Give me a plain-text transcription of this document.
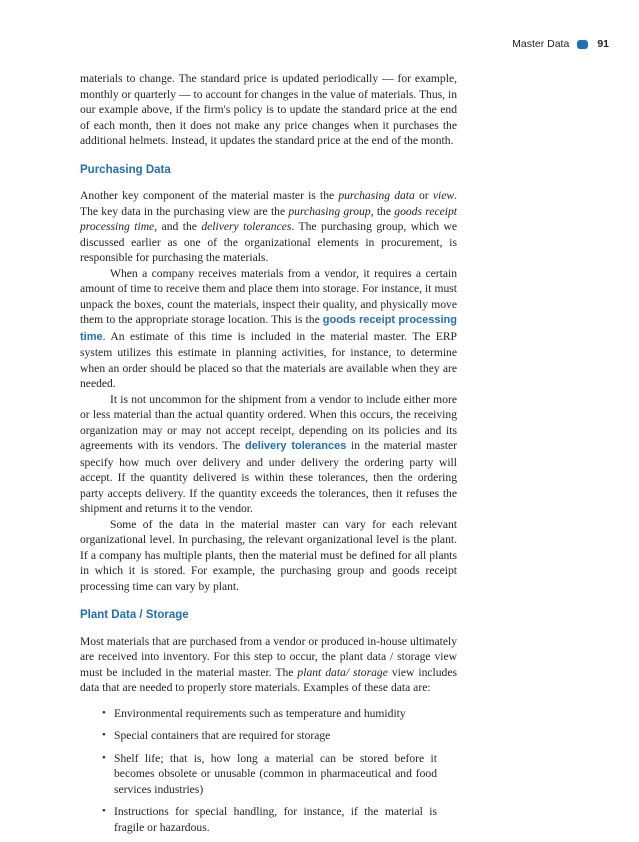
Master Data	91

materials to change. The standard price is updated periodically — for example, monthly or quarterly — to account for changes in the value of materials. Thus, in our example above, if the firm's policy is to update the standard price at the end of each month, then it does not make any price changes when it purchases the additional helmets. Instead, it updates the standard price at the end of the month.

Purchasing Data

Another key component of the material master is the purchasing data or view. The key data in the purchasing view are the purchasing group, the goods receipt processing time, and the delivery tolerances. The purchasing group, which we discussed earlier as one of the organizational elements in procurement, is responsible for purchasing the materials.

When a company receives materials from a vendor, it requires a certain amount of time to receive them and place them into storage. For instance, it must unpack the boxes, count the materials, inspect their quality, and physically move them to the appropriate storage location. This is the goods receipt processing time. An estimate of this time is included in the material master. The ERP system utilizes this estimate in planning activities, for instance, to determine when an order should be placed so that the materials are available when they are needed.

It is not uncommon for the shipment from a vendor to include either more or less material than the actual quantity ordered. When this occurs, the receiving organization may or may not accept receipt, depending on its policies and its agreements with its vendors. The delivery tolerances in the material master specify how much over delivery and under delivery the ordering party will accept. If the quantity delivered is within these tolerances, then the ordering party accepts delivery. If the quantity exceeds the tolerances, then it refuses the shipment and returns it to the vendor.

Some of the data in the material master can vary for each relevant organizational level. In purchasing, the relevant organizational level is the plant. If a company has multiple plants, then the material must be defined for all plants in which it is stored. For example, the purchasing group and goods receipt processing time can vary by plant.

Plant Data / Storage

Most materials that are purchased from a vendor or produced in-house ultimately are received into inventory. For this step to occur, the plant data / storage view must be included in the material master. The plant data/ storage view includes data that are needed to properly store materials. Examples of these data are:

• Environmental requirements such as temperature and humidity
• Special containers that are required for storage
• Shelf life; that is, how long a material can be stored before it becomes obsolete or unusable (common in pharmaceutical and food services industries)
• Instructions for special handling, for instance, if the material is fragile or hazardous.
